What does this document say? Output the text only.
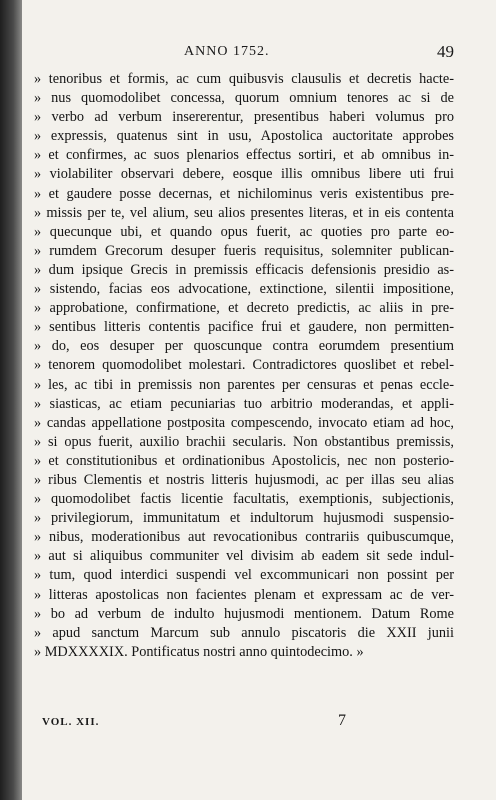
ANNO 1752.	49
» tenoribus et formis, ac cum quibusvis clausulis et decretis hacte-
» nus quomodolibet concessa, quorum omnium tenores ac si de
» verbo ad verbum insererentur, presentibus haberi volumus pro
» expressis, quatenus sint in usu, Apostolica auctoritate approbes
» et confirmes, ac suos plenarios effectus sortiri, et ab omnibus in-
» violabiliter observari debere, eosque illis omnibus libere uti frui
» et gaudere posse decernas, et nichilominus veris existentibus pre-
» missis per te, vel alium, seu alios presentes literas, et in eis contenta
» quecunque ubi, et quando opus fuerit, ac quoties pro parte eo-
» rumdem Grecorum desuper fueris requisitus, solemniter publican-
» dum ipsique Grecis in premissis efficacis defensionis presidio as-
» sistendo, facias eos advocatione, extinctione, silentii impositione,
» approbatione, confirmatione, et decreto predictis, ac aliis in pre-
» sentibus litteris contentis pacifice frui et gaudere, non permitten-
» do, eos desuper per quoscunque contra eorumdem presentium
» tenorem quomodolibet molestari. Contradictores quoslibet et rebel-
» les, ac tibi in premissis non parentes per censuras et penas eccle-
» siasticas, ac etiam pecuniarias tuo arbitrio moderandas, et appli-
» candas appellatione postposita compescendo, invocato etiam ad hoc,
» si opus fuerit, auxilio brachii secularis. Non obstantibus premissis,
» et constitutionibus et ordinationibus Apostolicis, nec non posterio-
» ribus Clementis et nostris litteris hujusmodi, ac per illas seu alias
» quomodolibet factis licentie facultatis, exemptionis, subjectionis,
» privilegiorum, immunitatum et indultorum hujusmodi suspensio-
» nibus, moderationibus aut revocationibus contrariis quibuscumque,
» aut si aliquibus communiter vel divisim ab eadem sit sede indul-
» tum, quod interdici suspendi vel excommunicari non possint per
» litteras apostolicas non facientes plenam et expressam ac de ver-
» bo ad verbum de indulto hujusmodi mentionem. Datum Rome
» apud sanctum Marcum sub annulo piscatoris die XXII junii
» MDXXXXIX. Pontificatus nostri anno quintodecimo. »
VOL. XII.	7
